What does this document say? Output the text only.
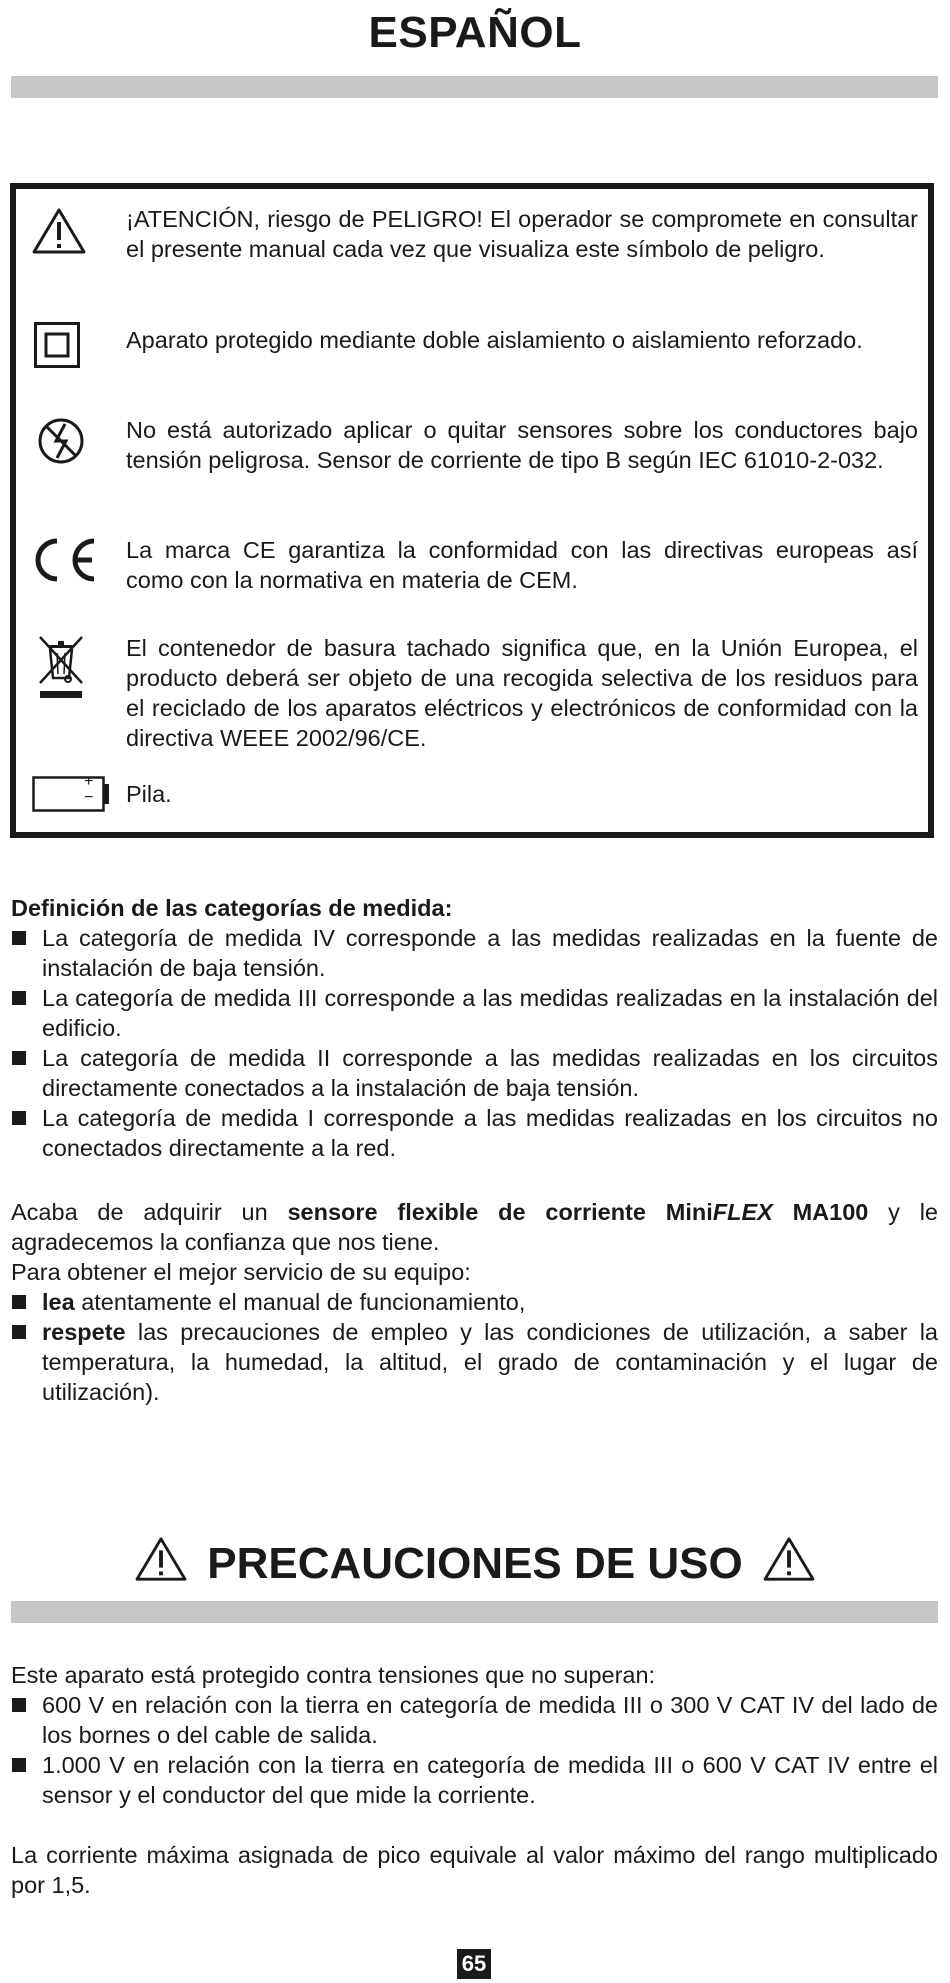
ESPAÑOL
¡ATENCIÓN, riesgo de PELIGRO! El operador se compromete en consultar el presente manual cada vez que visualiza este símbolo de peligro.
Aparato protegido mediante doble aislamiento o aislamiento reforzado.
No está autorizado aplicar o quitar sensores sobre los conductores bajo tensión peligrosa. Sensor de corriente de tipo B según IEC 61010-2-032.
La marca CE garantiza la conformidad con las directivas europeas así como con la normativa en materia de CEM.
El contenedor de basura tachado significa que, en la Unión Europea, el producto deberá ser objeto de una recogida selectiva de los residuos para el reciclado de los aparatos eléctricos y electrónicos de conformidad con la directiva WEEE 2002/96/CE.
+
− Pila.
Definición de las categorías de medida:
La categoría de medida IV corresponde a las medidas realizadas en la fuente de instalación de baja tensión.
La categoría de medida III corresponde a las medidas realizadas en la instalación del edificio.
La categoría de medida II corresponde a las medidas realizadas en los circuitos directamente conectados a la instalación de baja tensión.
La categoría de medida I corresponde a las medidas realizadas en los circuitos no conectados directamente a la red.
Acaba de adquirir un sensore flexible de corriente MiniFLEX MA100 y le agradecemos la confianza que nos tiene.
Para obtener el mejor servicio de su equipo:
lea atentamente el manual de funcionamiento,
respete las precauciones de empleo y las condiciones de utilización, a saber la temperatura, la humedad, la altitud, el grado de contaminación y el lugar de utilización).
PRECAUCIONES DE USO
Este aparato está protegido contra tensiones que no superan:
600 V en relación con la tierra en categoría de medida III o 300 V CAT IV del lado de los bornes o del cable de salida.
1.000 V en relación con la tierra en categoría de medida III o 600 V CAT IV entre el sensor y el conductor del que mide la corriente.
La corriente máxima asignada de pico equivale al valor máximo del rango multiplicado por 1,5.
65
